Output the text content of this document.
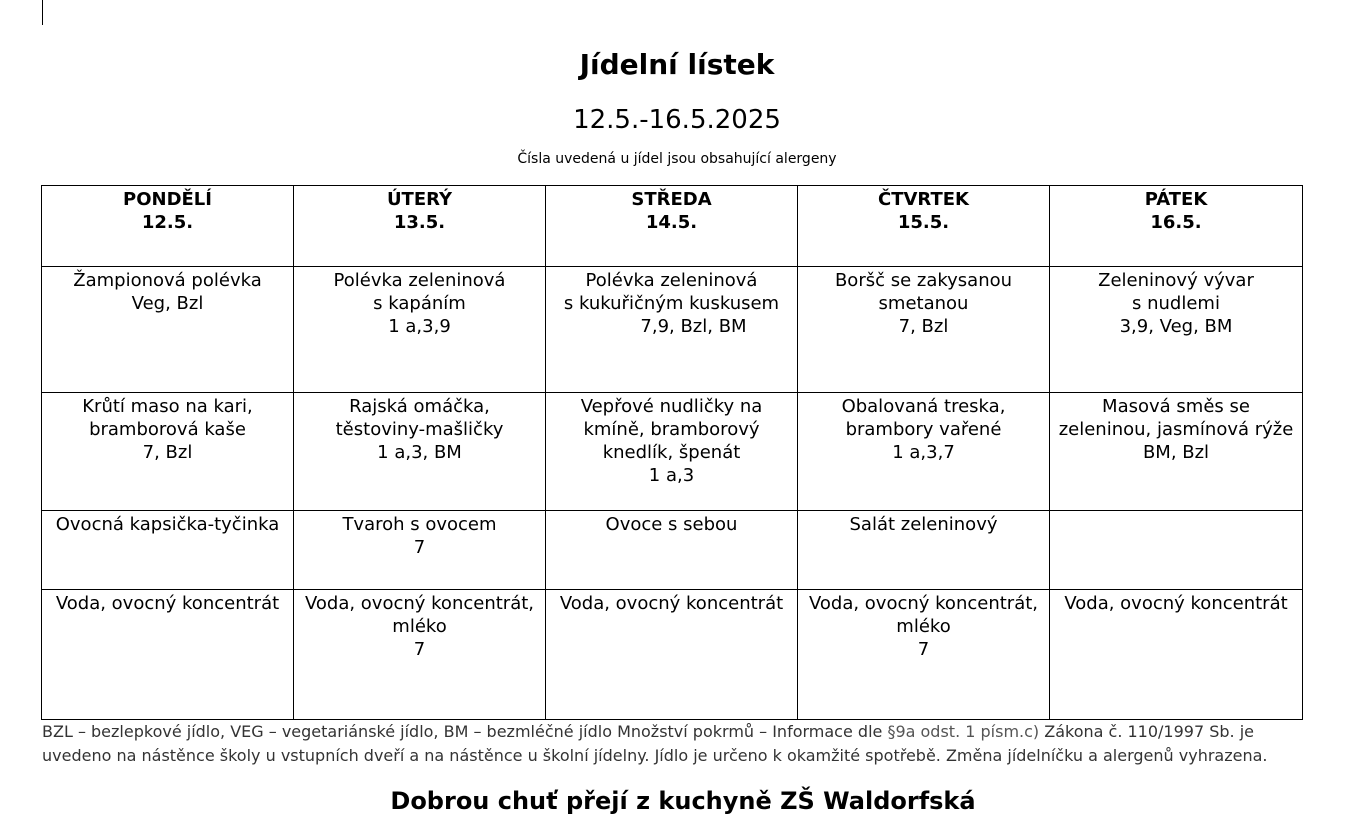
Jídelní lístek
12.5.-16.5.2025
Čísla uvedená u jídel jsou obsahující alergeny
PONDĚLÍ
12.5.	ÚTERÝ
13.5.	STŘEDA
14.5.	ČTVRTEK
15.5.	PÁTEK
16.5.

Žampionová polévka
Veg, Bzl	Polévka zeleninová
s kapáním
1 a,3,9	Polévka zeleninová
s kukuřičným kuskusem
7,9, Bzl, BM	Boršč se zakysanou
smetanou
7, Bzl	Zeleninový vývar
s nudlemi
3,9, Veg, BM

Krůtí maso na kari,
bramborová kaše
7, Bzl	Rajská omáčka,
těstoviny-mašličky
1 a,3, BM	Vepřové nudličky na
kmíně, bramborový
knedlík, špenát
1 a,3	Obalovaná treska,
brambory vařené
1 a,3,7	Masová směs se
zeleninou, jasmínová rýže
BM, Bzl

Ovocná kapsička-tyčinka	Tvaroh s ovocem
7	Ovoce s sebou	Salát zeleninový	

Voda, ovocný koncentrát	Voda, ovocný koncentrát,
mléko
7	Voda, ovocný koncentrát	Voda, ovocný koncentrát,
mléko
7	Voda, ovocný koncentrát
BZL – bezlepkové jídlo, VEG – vegetariánské jídlo, BM – bezmléčné jídlo Množství pokrmů – Informace dle §9a odst. 1 písm.c) Zákona č. 110/1997 Sb. je uvedeno na nástěnce školy u vstupních dveří a na nástěnce u školní jídelny. Jídlo je určeno k okamžité spotřebě. Změna jídelníčku a alergenů vyhrazena.
Dobrou chuť přejí z kuchyně ZŠ Waldorfská
